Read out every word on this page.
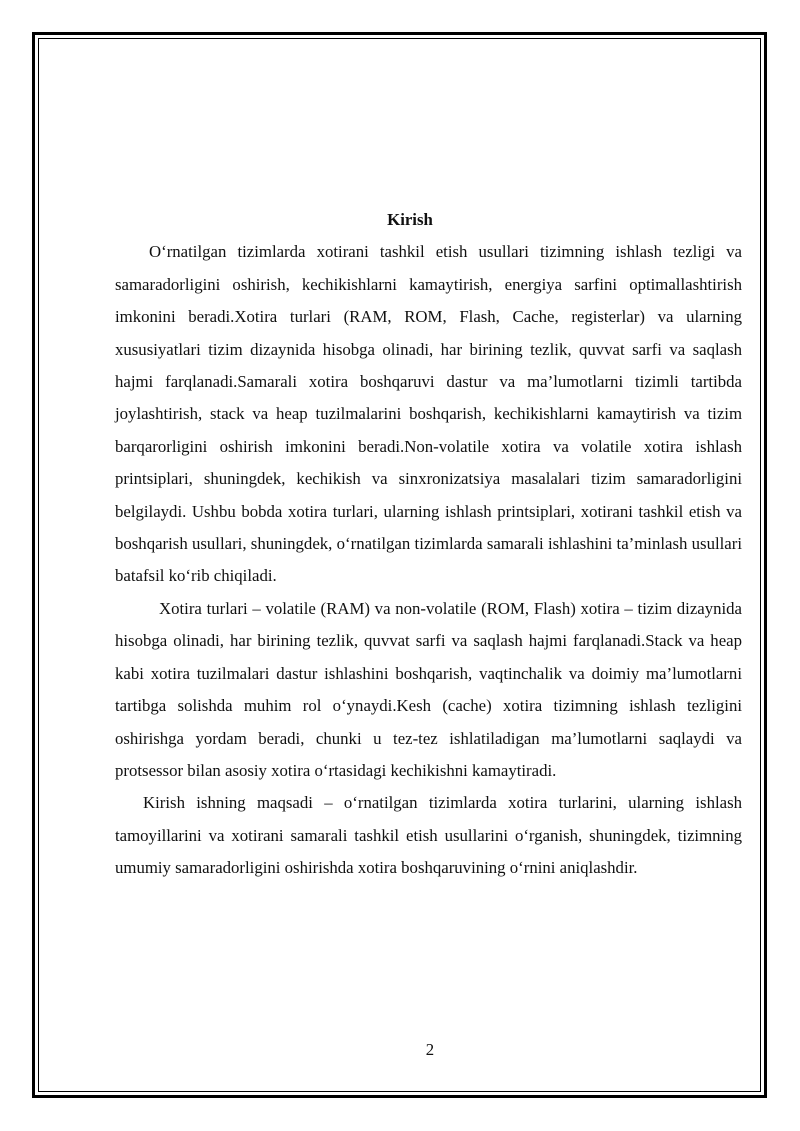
Kirish

O‘rnatilgan tizimlarda xotirani tashkil etish usullari tizimning ishlash tezligi va samaradorligini oshirish, kechikishlarni kamaytirish, energiya sarfini optimallashtirish imkonini beradi.Xotira turlari (RAM, ROM, Flash, Cache, registerlar) va ularning xususiyatlari tizim dizaynida hisobga olinadi, har birining tezlik, quvvat sarfi va saqlash hajmi farqlanadi.Samarali xotira boshqaruvi dastur va ma’lumotlarni tizimli tartibda joylashtirish, stack va heap tuzilmalarini boshqarish, kechikishlarni kamaytirish va tizim barqarorligini oshirish imkonini beradi.Non-volatile xotira va volatile xotira ishlash printsiplari, shuningdek, kechikish va sinxronizatsiya masalalari tizim samaradorligini belgilaydi. Ushbu bobda xotira turlari, ularning ishlash printsiplari, xotirani tashkil etish va boshqarish usullari, shuningdek, o‘rnatilgan tizimlarda samarali ishlashini ta’minlash usullari batafsil ko‘rib chiqiladi.

Xotira turlari – volatile (RAM) va non-volatile (ROM, Flash) xotira – tizim dizaynida hisobga olinadi, har birining tezlik, quvvat sarfi va saqlash hajmi farqlanadi.Stack va heap kabi xotira tuzilmalari dastur ishlashini boshqarish, vaqtinchalik va doimiy ma’lumotlarni tartibga solishda muhim rol o‘ynaydi.Kesh (cache) xotira tizimning ishlash tezligini oshirishga yordam beradi, chunki u tez-tez ishlatiladigan ma’lumotlarni saqlaydi va protsessor bilan asosiy xotira o‘rtasidagi kechikishni kamaytiradi.

Kirish ishning maqsadi – o‘rnatilgan tizimlarda xotira turlarini, ularning ishlash tamoyillarini va xotirani samarali tashkil etish usullarini o‘rganish, shuningdek, tizimning umumiy samaradorligini oshirishda xotira boshqaruvining o‘rnini aniqlashdir.

2
